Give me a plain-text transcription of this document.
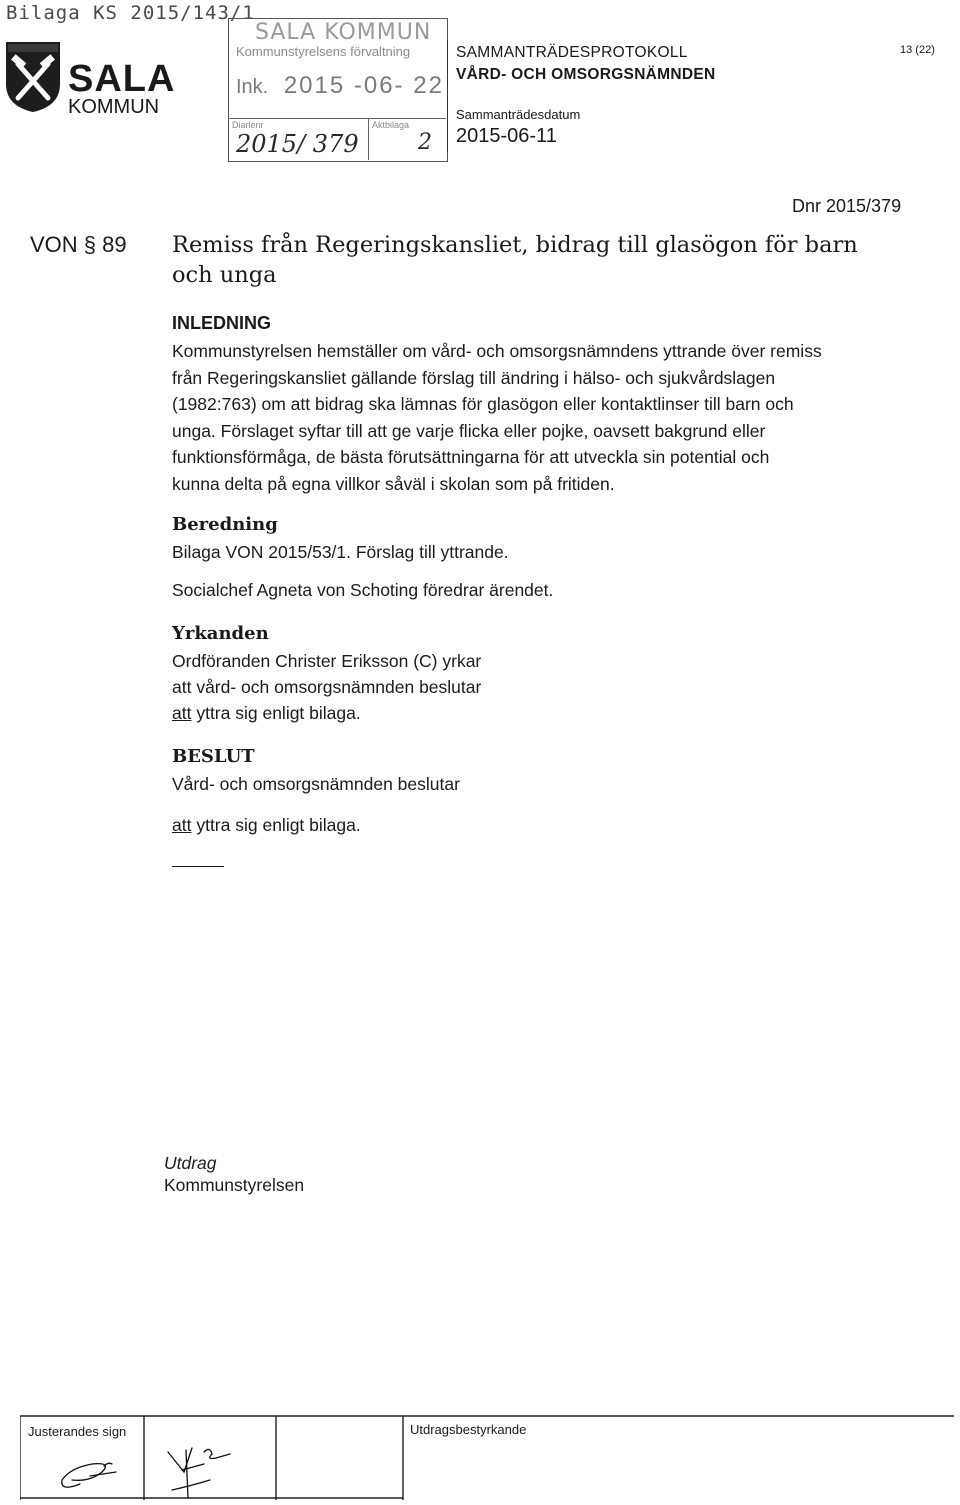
Bilaga KS 2015/143/1
SALA
KOMMUN
SALA KOMMUN
Kommunstyrelsens förvaltning
Ink. 2015 -06- 22
Diarienr
2015/ 379
Aktbilaga
2
SAMMANTRÄDESPROTOKOLL
VÅRD- OCH OMSORGSNÄMNDEN
Sammanträdesdatum
2015-06-11
13 (22)
Dnr 2015/379
VON § 89 Remiss från Regeringskansliet, bidrag till glasögon för barn
och unga
INLEDNING
Kommunstyrelsen hemställer om vård- och omsorgsnämndens yttrande över remiss
från Regeringskansliet gällande förslag till ändring i hälso- och sjukvårdslagen
(1982:763) om att bidrag ska lämnas för glasögon eller kontaktlinser till barn och
unga. Förslaget syftar till att ge varje flicka eller pojke, oavsett bakgrund eller
funktionsförmåga, de bästa förutsättningarna för att utveckla sin potential och
kunna delta på egna villkor såväl i skolan som på fritiden.
Beredning
Bilaga VON 2015/53/1. Förslag till yttrande.
Socialchef Agneta von Schoting föredrar ärendet.
Yrkanden
Ordföranden Christer Eriksson (C) yrkar
att vård- och omsorgsnämnden beslutar
att yttra sig enligt bilaga.
BESLUT
Vård- och omsorgsnämnden beslutar
att yttra sig enligt bilaga.
Utdrag
Kommunstyrelsen
Justerandes sign	Utdragsbestyrkande
